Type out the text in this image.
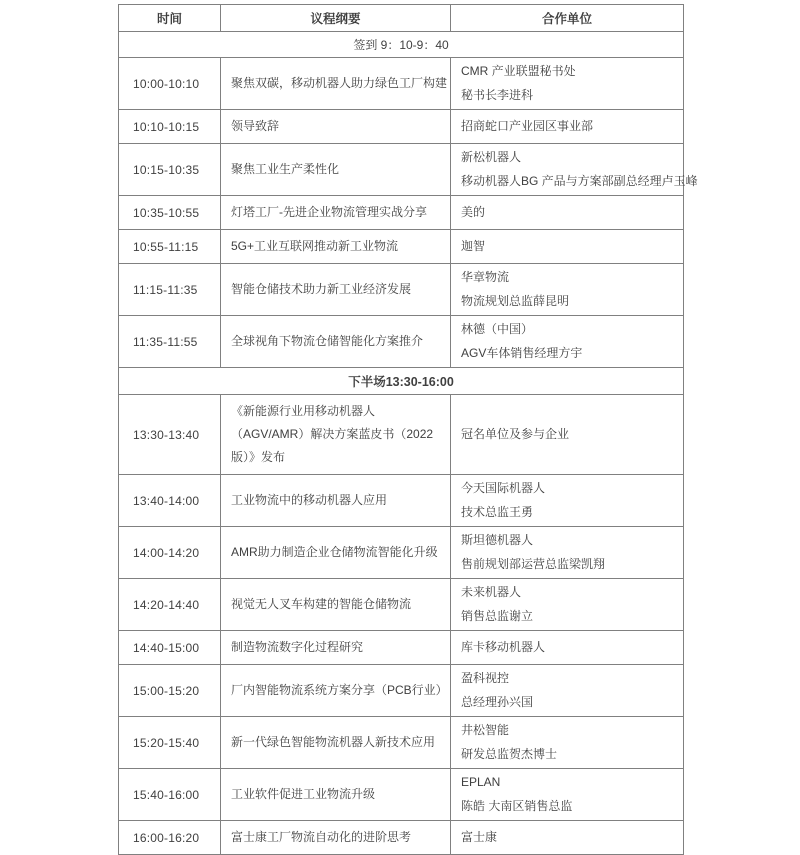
时间	议程纲要	合作单位
签到 9：10-9：40		
10:00-10:10	聚焦双碳，移动机器人助力绿色工厂构建	CMR 产业联盟秘书处
秘书长李进科

10:10-10:15	领导致辞	招商蛇口产业园区事业部

10:15-10:35	聚焦工业生产柔性化	新松机器人
移动机器人BG 产品与方案部副总经理卢玉峰

10:35-10:55	灯塔工厂-先进企业物流管理实战分享	美的

10:55-11:15	5G+工业互联网推动新工业物流	迦智

11:15-11:35	智能仓储技术助力新工业经济发展	华章物流
物流规划总监薛昆明

11:35-11:55	全球视角下物流仓储智能化方案推介	林德（中国）
AGV车体销售经理方宇

下半场13:30-16:00		
13:30-13:40	《新能源行业用移动机器人（AGV/AMR）解决方案蓝皮书（2022版）》发布	冠名单位及参与企业

13:40-14:00	工业物流中的移动机器人应用	今天国际机器人
技术总监王勇

14:00-14:20	AMR助力制造企业仓储物流智能化升级	斯坦德机器人
售前规划部运营总监梁凯翔

14:20-14:40	视觉无人叉车构建的智能仓储物流	未来机器人
销售总监谢立

14:40-15:00	制造物流数字化过程研究	库卡移动机器人

15:00-15:20	厂内智能物流系统方案分享（PCB行业）	盈科视控
总经理孙兴国

15:20-15:40	新一代绿色智能物流机器人新技术应用	井松智能
研发总监贺杰博士

15:40-16:00	工业软件促进工业物流升级	EPLAN
陈皓 大南区销售总监

16:00-16:20	富士康工厂物流自动化的进阶思考	富士康
